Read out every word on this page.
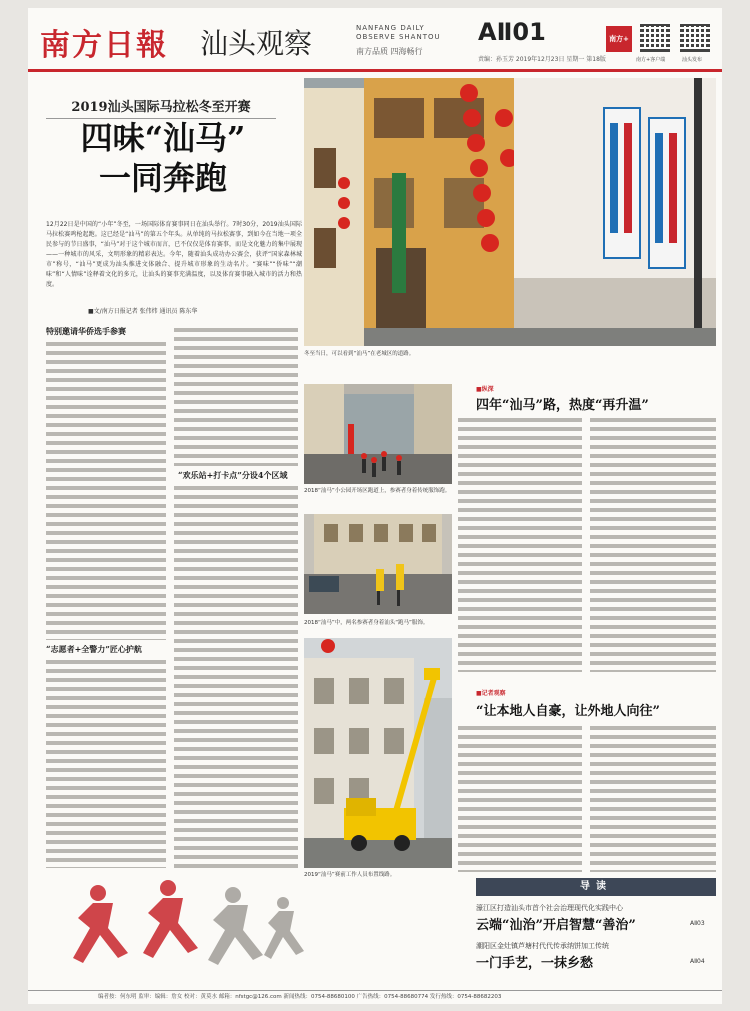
南方日報 汕头观察	NANFANG DAILY
OBSERVE SHANTOU
南方品质 四海畅行
AⅡ01
责编：孙玉芳 2019年12月23日 星期一 第18版
南方+
南方+客户端	汕头发布
2019汕头国际马拉松冬至开赛
四味“汕马”
一同奔跑
12月22日是中国的“小年”冬至，一场国际体育赛事同日在汕头举行。7时30分，2019汕头国际马拉松赛鸣枪起跑。这已经是“汕马”的第五个年头。从单纯的马拉松赛事，到如今在当地一项全民参与的节日盛事，“汕马”对于这个城市而言，已不仅仅是体育赛事，而是文化魅力的集中展现——一种城市的风采，文明形象的精彩表达。今年，随着汕头成功办公赛会，获评“国家森林城市”称号，“汕马”更成为汕头推进文体融合、提升城市形象的生动名片。“赛味”“侨味”“潮味”和“人情味”诠释着文化的多元，让汕头的赛事充满温度，以及体育赛事融入城市的活力和热度。
■文/南方日报记者 张伟炜 通讯员 陈东华
特别邀请华侨选手参赛
“志愿者+全警力”匠心护航
“欢乐站+打卡点”分设4个区域
冬至当日，可以看到“汕马”在老城区的道路。
2018“汕马”小公园开场区跑道上，参赛者身着传统服饰跑。
2018“汕马”中，两名参赛者身着汕头“跑马”服饰。
2019“汕马”赛前工作人员布置线路。
■纵深
四年“汕马”路，热度“再升温”
■记者观察
“让本地人自豪，让外地人向往”
导读
濠江区打造汕头市首个社会治理现代化实践中心
云端“汕治”开启智慧“善治”	AⅡ03
潮阳区金灶镇芦塘村代代传承纳饼加工传统
一门手艺，一抹乡愁	AⅡ04
编者按：何东明 监审：编辑：詹女 校对：黄莫水 邮箱：nfstgc@126.com 新闻热线：0754-88680100 广告热线：0754-88680774 发行热线：0754-88682203
